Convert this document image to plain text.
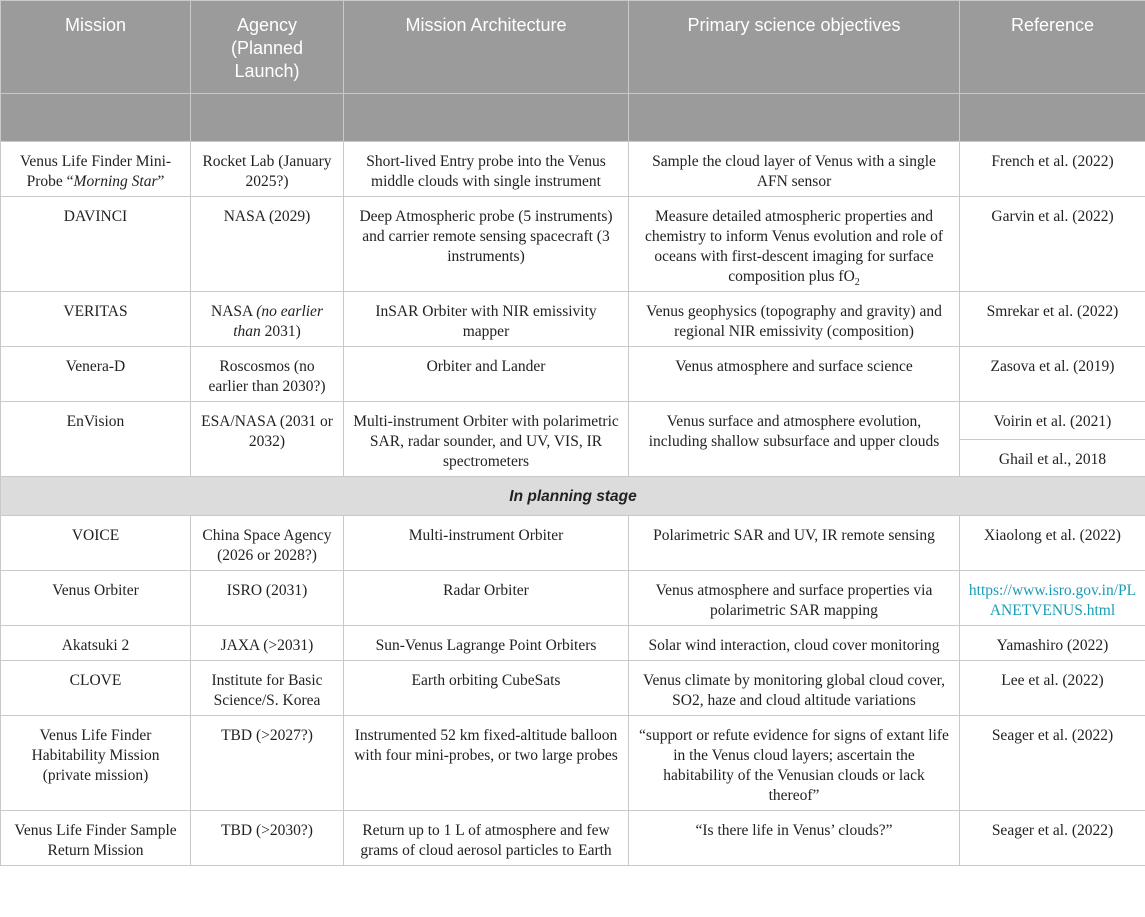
Mission	Agency (Planned Launch)	Mission Architecture	Primary science objectives	Reference

Venus Life Finder Mini-Probe “Morning Star”	Rocket Lab (January 2025?)	Short-lived Entry probe into the Venus middle clouds with single instrument	Sample the cloud layer of Venus with a single AFN sensor	French et al. (2022)
DAVINCI	NASA (2029)	Deep Atmospheric probe (5 instruments) and carrier remote sensing spacecraft (3 instruments)	Measure detailed atmospheric properties and chemistry to inform Venus evolution and role of oceans with first-descent imaging for surface composition plus $fO_2$	Garvin et al. (2022)
VERITAS	NASA (no earlier than 2031)	InSAR Orbiter with NIR emissivity mapper	Venus geophysics (topography and gravity) and regional NIR emissivity (composition)	Smrekar et al. (2022)
Venera-D	Roscosmos (no earlier than 2030?)	Orbiter and Lander	Venus atmosphere and surface science	Zasova et al. (2019)
EnVision	ESA/NASA (2031 or 2032)	Multi-instrument Orbiter with polarimetric SAR, radar sounder, and UV, VIS, IR spectrometers	Venus surface and atmosphere evolution, including shallow subsurface and upper clouds	Voirin et al. (2021)
				Ghail et al., 2018
In planning stage				
VOICE	China Space Agency (2026 or 2028?)	Multi-instrument Orbiter	Polarimetric SAR and UV, IR remote sensing	Xiaolong et al. (2022)
Venus Orbiter	ISRO (2031)	Radar Orbiter	Venus atmosphere and surface properties via polarimetric SAR mapping	https://www.isro.gov.in/PLANETVENUS.html
Akatsuki 2	JAXA (>2031)	Sun-Venus Lagrange Point Orbiters	Solar wind interaction, cloud cover monitoring	Yamashiro (2022)
CLOVE	Institute for Basic Science/S. Korea	Earth orbiting CubeSats	Venus climate by monitoring global cloud cover, SO2, haze and cloud altitude variations	Lee et al. (2022)
Venus Life Finder Habitability Mission (private mission)	TBD (>2027?)	Instrumented 52 km fixed-altitude balloon with four mini-probes, or two large probes	“support or refute evidence for signs of extant life in the Venus cloud layers; ascertain the habitability of the Venusian clouds or lack thereof”	Seager et al. (2022)
Venus Life Finder Sample Return Mission	TBD (>2030?)	Return up to 1 L of atmosphere and few grams of cloud aerosol particles to Earth	“Is there life in Venus’ clouds?”	Seager et al. (2022)
